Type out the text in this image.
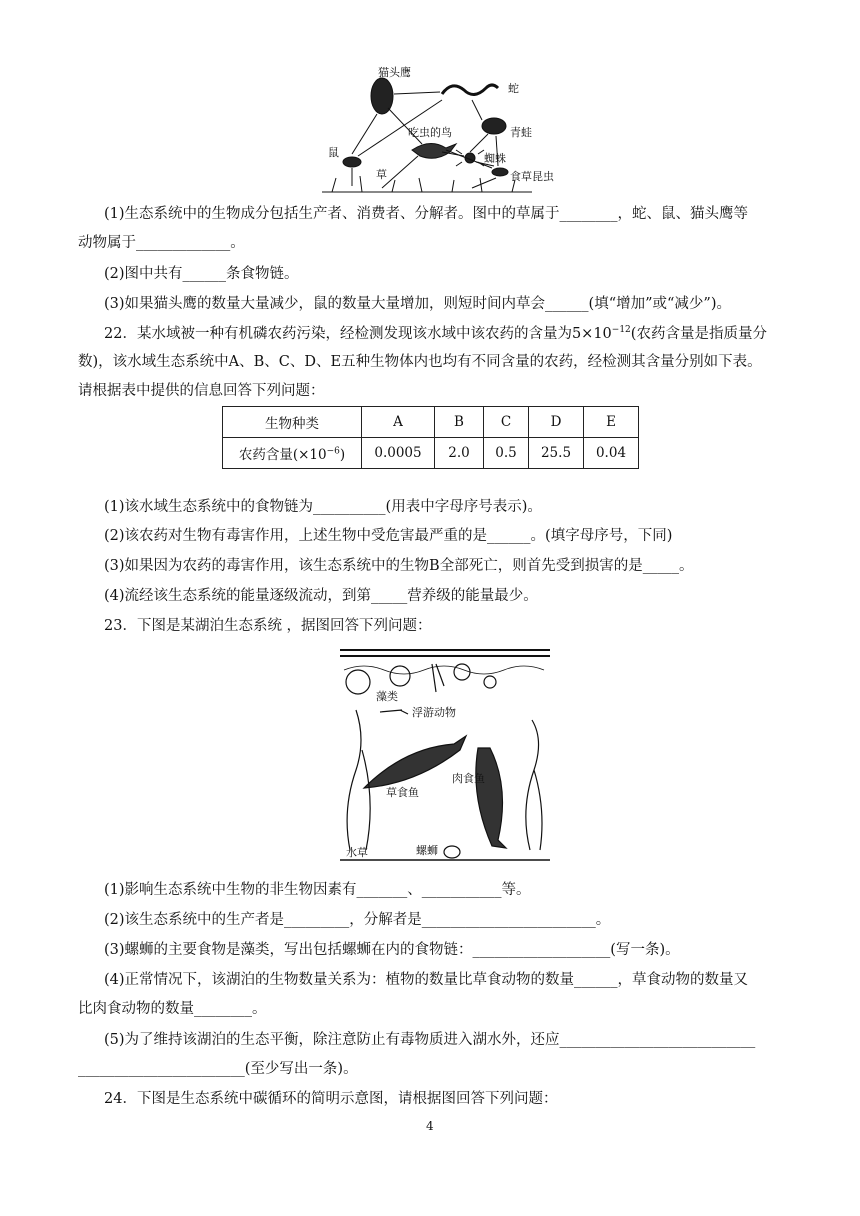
猫头鹰
蛇
吃虫的鸟	青蛙
鼠	蜘蛛
草	食草昆虫
(1)生态系统中的生物成分包括生产者、消费者、分解者。图中的草属于________，蛇、鼠、猫头鹰等
动物属于_____________。
(2)图中共有______条食物链。
(3)如果猫头鹰的数量大量减少，鼠的数量大量增加，则短时间内草会______(填“增加”或“减少”)。
22．某水域被一种有机磷农药污染，经检测发现该水域中该农药的含量为$5\times 10^{-12}$(农药含量是指质量分
数)，该水域生态系统中A、B、C、D、E五种生物体内也均有不同含量的农药，经检测其含量分别如下表。
请根据表中提供的信息回答下列问题：
生物种类	A	B	C	D	E
农药含量$(\times 10^{-6})$	0.0005	2.0	0.5	25.5	0.04
(1)该水域生态系统中的食物链为__________(用表中字母序号表示)。
(2)该农药对生物有毒害作用，上述生物中受危害最严重的是______。(填字母序号，下同)
(3)如果因为农药的毒害作用，该生态系统中的生物B全部死亡，则首先受到损害的是_____。
(4)流经该生态系统的能量逐级流动，到第_____营养级的能量最少。
23．下图是某湖泊生态系统 ，据图回答下列问题：
藻类
浮游动物
草食鱼
肉食鱼
水草	螺蛳
(1)影响生态系统中生物的非生物因素有_______、___________等。
(2)该生态系统中的生产者是_________，分解者是________________________。
(3)螺蛳的主要食物是藻类，写出包括螺蛳在内的食物链：___________________(写一条)。
(4)正常情况下，该湖泊的生物数量关系为：植物的数量比草食动物的数量______，草食动物的数量又
比肉食动物的数量________。
(5)为了维持该湖泊的生态平衡，除注意防止有毒物质进入湖水外，还应___________________________
_______________________(至少写出一条)。
24．下图是生态系统中碳循环的简明示意图，请根据图回答下列问题：
4
